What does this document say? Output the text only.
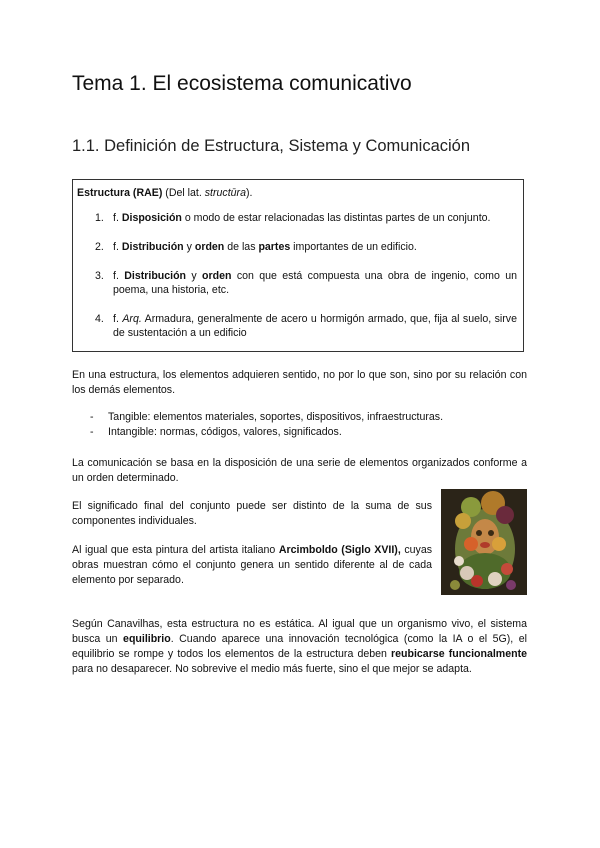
Tema 1. El ecosistema comunicativo
1.1. Definición de Estructura, Sistema y Comunicación

Estructura (RAE) (Del lat. structūra).

1. f. Disposición o modo de estar relacionadas las distintas partes de un conjunto.
2. f. Distribución y orden de las partes importantes de un edificio.
3. f. Distribución y orden con que está compuesta una obra de ingenio, como un poema, una historia, etc.
4. f. Arq. Armadura, generalmente de acero u hormigón armado, que, fija al suelo, sirve de sustentación a un edificio

En una estructura, los elementos adquieren sentido, no por lo que son, sino por su relación con los demás elementos.

- Tangible: elementos materiales, soportes, dispositivos, infraestructuras.
- Intangible: normas, códigos, valores, significados.

La comunicación se basa en la disposición de una serie de elementos organizados conforme a un orden determinado.

El significado final del conjunto puede ser distinto de la suma de sus componentes individuales.

Al igual que esta pintura del artista italiano Arcimboldo (Siglo XVII), cuyas obras muestran cómo el conjunto genera un sentido diferente al de cada elemento por separado.

Según Canavilhas, esta estructura no es estática. Al igual que un organismo vivo, el sistema busca un equilibrio. Cuando aparece una innovación tecnológica (como la IA o el 5G), el equilibrio se rompe y todos los elementos de la estructura deben reubicarse funcionalmente para no desaparecer. No sobrevive el medio más fuerte, sino el que mejor se adapta.
